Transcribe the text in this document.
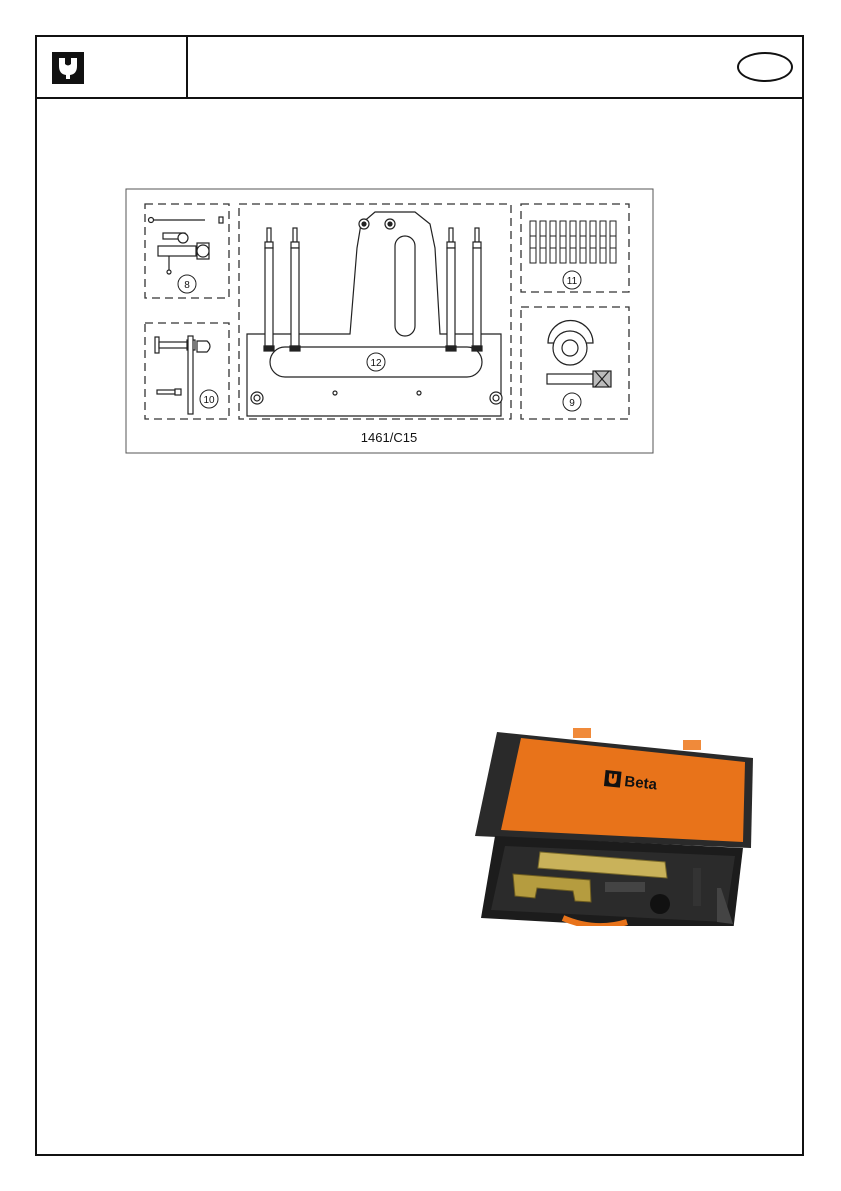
8
10
12
11
9
1461/C15
Beta
